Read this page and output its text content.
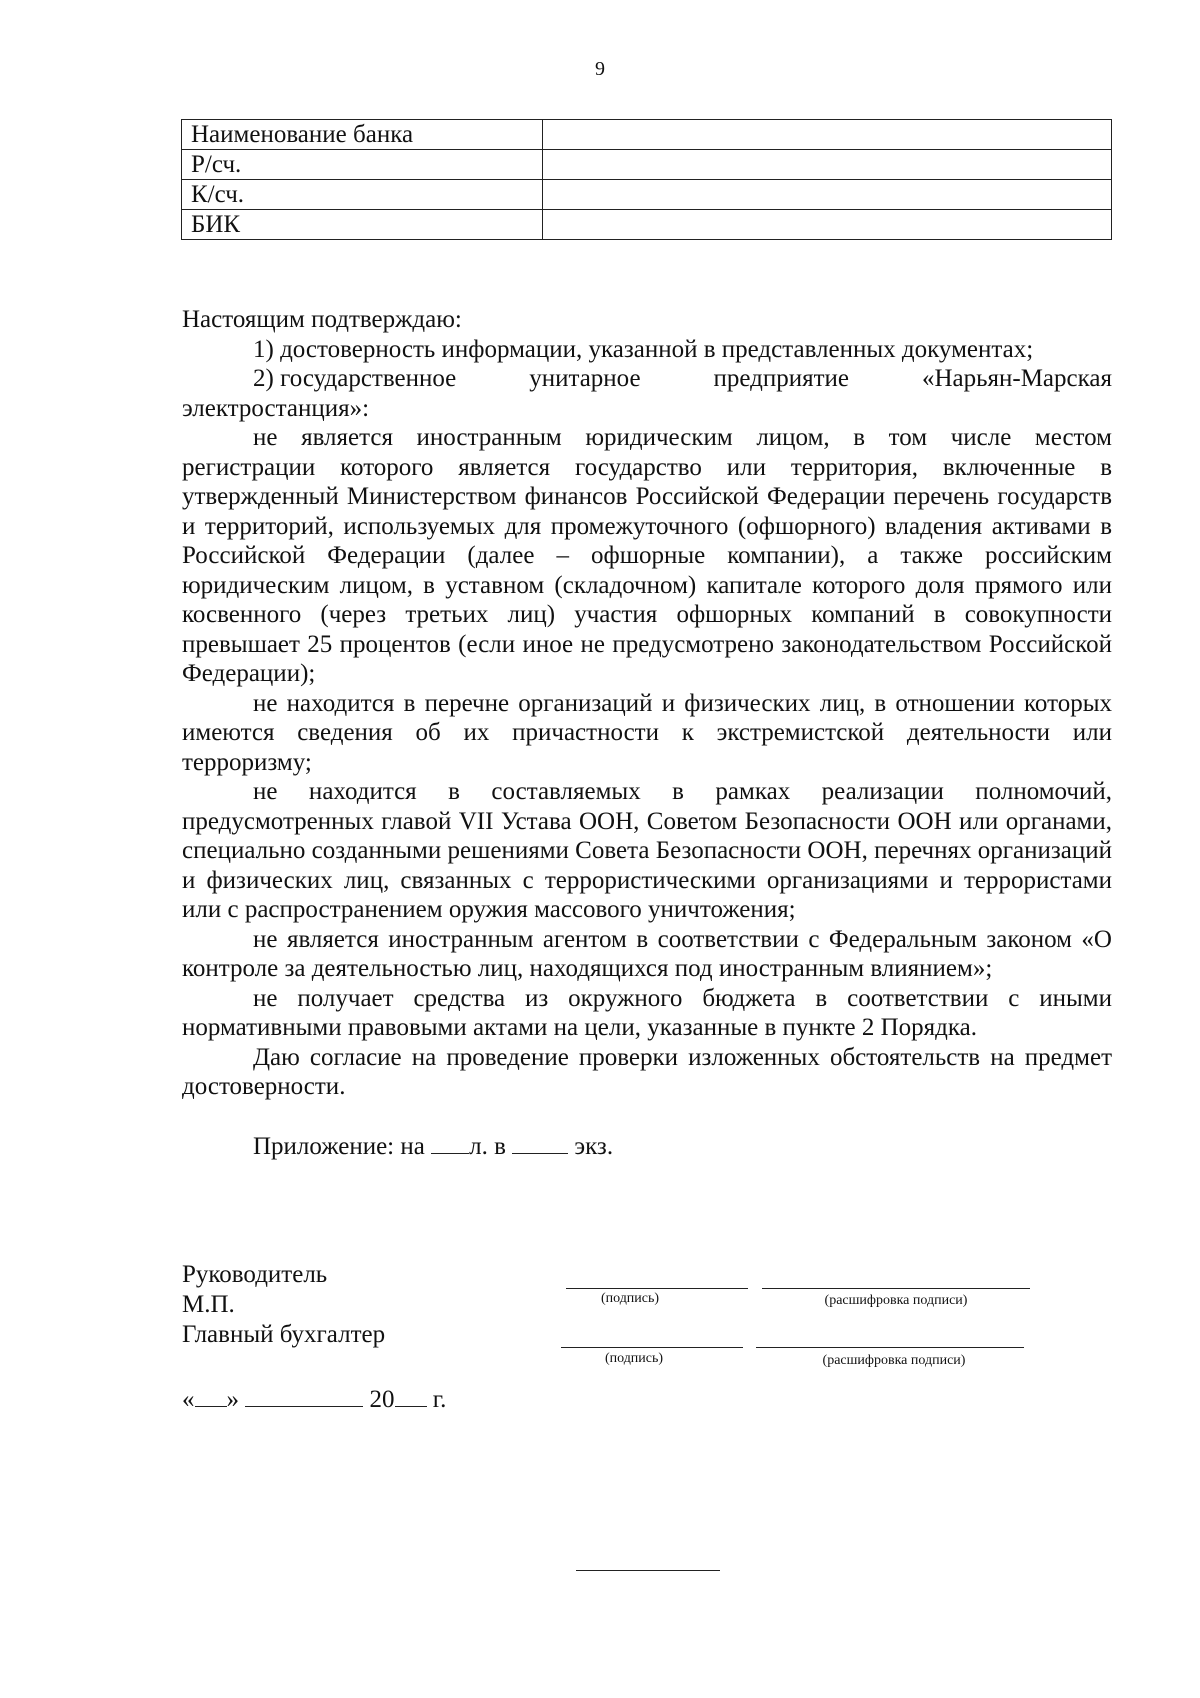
9
Наименование банка	
Р/сч.	
К/сч.	
БИК	

Настоящим подтверждаю:

1) достоверность информации, указанной в представленных документах;

2) государственное	унитарное	предприятие	«Нарьян-Марская

электростанция»:

не является иностранным юридическим лицом, в том числе местом регистрации которого является государство или территория, включенные в утвержденный Министерством финансов Российской Федерации перечень государств и территорий, используемых для промежуточного (офшорного) владения активами в Российской Федерации (далее – офшорные компании), а также российским юридическим лицом, в уставном (складочном) капитале которого доля прямого или косвенного (через третьих лиц) участия офшорных компаний в совокупности превышает 25 процентов (если иное не предусмотрено законодательством Российской Федерации);

не находится в перечне организаций и физических лиц, в отношении которых имеются сведения об их причастности к экстремистской деятельности или терроризму;

не находится в составляемых в рамках реализации полномочий, предусмотренных главой VII Устава ООН, Советом Безопасности ООН или органами, специально созданными решениями Совета Безопасности ООН, перечнях организаций и физических лиц, связанных с террористическими организациями и террористами или с распространением оружия массового уничтожения;

не является иностранным агентом в соответствии с Федеральным законом «О контроле за деятельностью лиц, находящихся под иностранным влиянием»;

не получает средства из окружного бюджета в соответствии с иными нормативными правовыми актами на цели, указанные в пункте 2 Порядка.

Даю согласие на проведение проверки изложенных обстоятельств на предмет достоверности.

Приложение: на л. в	экз.

Руководитель
М.П.
Главный бухгалтер
(подпись)	(расшифровка подписи)
(подпись)	(расшифровка подписи)
« »	20 г.
